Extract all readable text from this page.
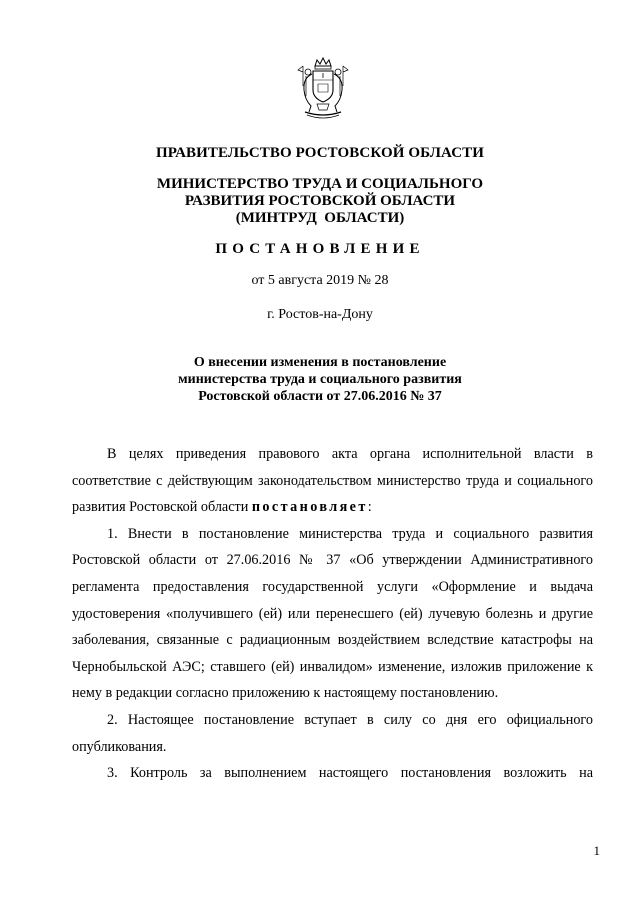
ПРАВИТЕЛЬСТВО РОСТОВСКОЙ ОБЛАСТИ
МИНИСТЕРСТВО ТРУДА И СОЦИАЛЬНОГО
РАЗВИТИЯ РОСТОВСКОЙ ОБЛАСТИ
(МИНТРУД  ОБЛАСТИ)
ПОСТАНОВЛЕНИЕ
от 5 августа 2019 № 28
г. Ростов-на-Дону
О внесении изменения в постановление
министерства труда и социального развития
Ростовской области от 27.06.2016 № 37

В целях приведения правового акта органа исполнительной власти в соответствие с действующим законодательством министерство труда и социального развития Ростовской области постановляет:

1. Внести в постановление министерства труда и социального развития Ростовской области от 27.06.2016 № 37 «Об утверждении Административного регламента предоставления государственной услуги «Оформление и выдача удостоверения «получившего (ей) или перенесшего (ей) лучевую болезнь и другие заболевания, связанные с радиационным воздействием вследствие катастрофы на Чернобыльской АЭС; ставшего (ей) инвалидом» изменение, изложив приложение к нему в редакции согласно приложению к настоящему постановлению.

2. Настоящее постановление вступает в силу со дня его официального опубликования.

3. Контроль за выполнением настоящего постановления возложить на

1
